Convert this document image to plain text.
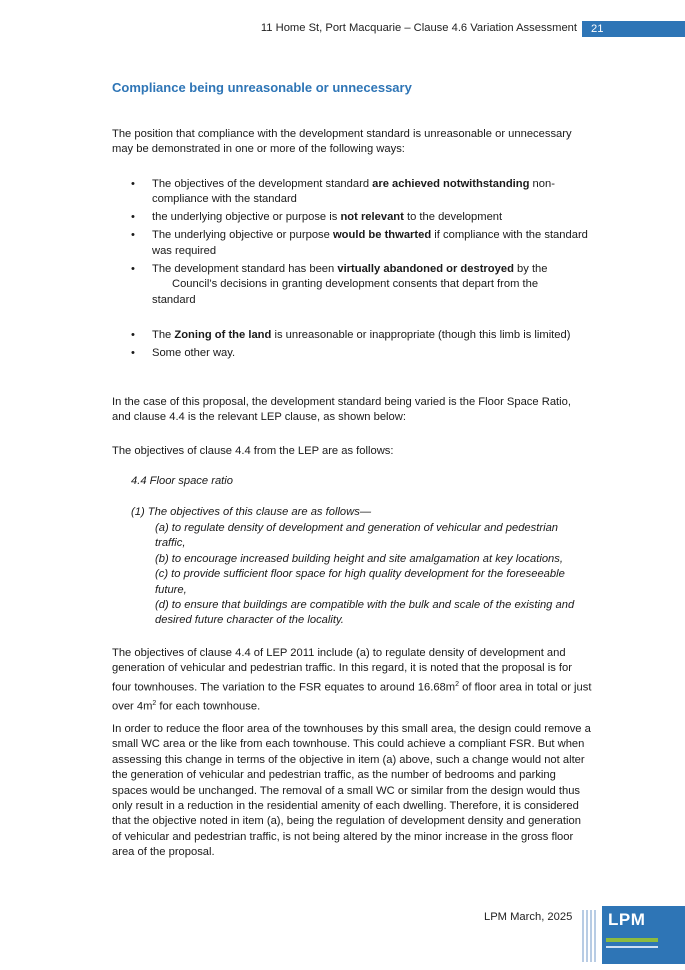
11 Home St, Port Macquarie – Clause 4.6 Variation Assessment	21
Compliance being unreasonable or unnecessary

The position that compliance with the development standard is unreasonable or unnecessary may be demonstrated in one or more of the following ways:

• The objectives of the development standard are achieved notwithstanding non-compliance with the standard
• the underlying objective or purpose is not relevant to the development
• The underlying objective or purpose would be thwarted if compliance with the standard was required
• The development standard has been virtually abandoned or destroyed by the
Council’s decisions in granting development consents that depart from the
standard
• The Zoning of the land is unreasonable or inappropriate (though this limb is limited)
• Some other way.

In the case of this proposal, the development standard being varied is the Floor Space Ratio, and clause 4.4 is the relevant LEP clause, as shown below:

The objectives of clause 4.4 from the LEP are as follows:

4.4 Floor space ratio
(1) The objectives of this clause are as follows—

(a) to regulate density of development and generation of vehicular and pedestrian traffic,

(b) to encourage increased building height and site amalgamation at key locations,

(c) to provide sufficient floor space for high quality development for the foreseeable future,

(d) to ensure that buildings are compatible with the bulk and scale of the existing and desired future character of the locality.

The objectives of clause 4.4 of LEP 2011 include (a) to regulate density of development and generation of vehicular and pedestrian traffic. In this regard, it is noted that the proposal is for four townhouses. The variation to the FSR equates to around $16.68m^2$ of floor area in total or just over $4m^2$ for each townhouse.

In order to reduce the floor area of the townhouses by this small area, the design could remove a small WC area or the like from each townhouse. This could achieve a compliant FSR. But when assessing this change in terms of the objective in item (a) above, such a change would not alter the generation of vehicular and pedestrian traffic, as the number of bedrooms and parking spaces would be unchanged. The removal of a small WC or similar from the design would thus only result in a reduction in the residential amenity of each dwelling. Therefore, it is considered that the objective noted in item (a), being the regulation of development density and generation of vehicular and pedestrian traffic, is not being altered by the minor increase in the gross floor area of the proposal.

LPM March, 2025 LPM
